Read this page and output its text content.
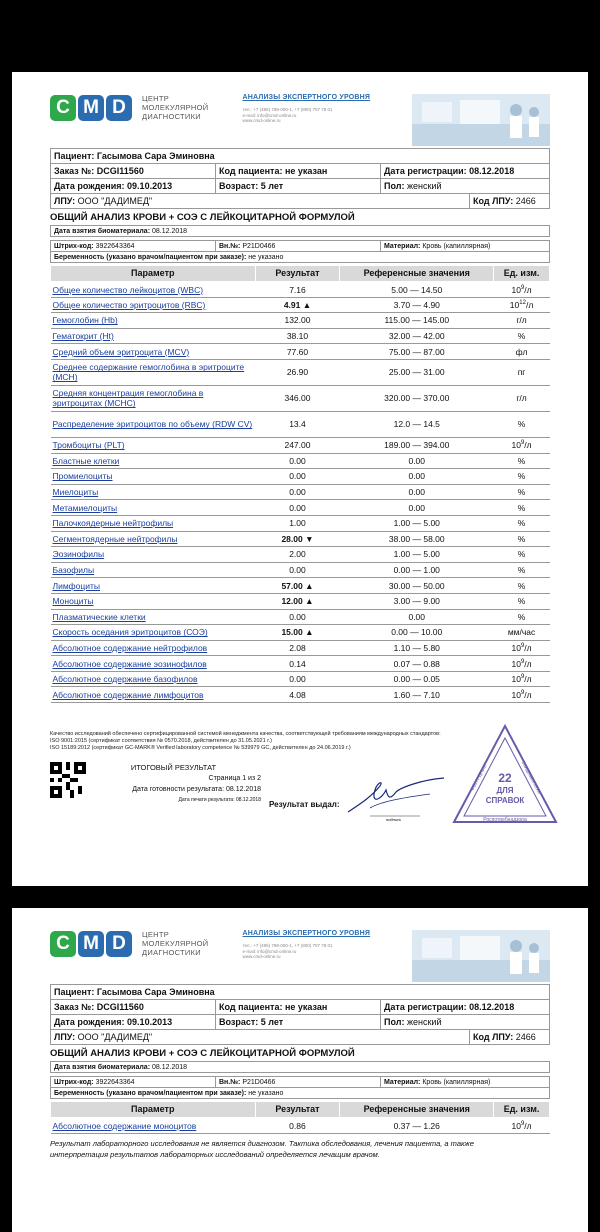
C M D	ЦЕНТР
МОЛЕКУЛЯРНОЙ
ДИАГНОСТИКИ
АНАЛИЗЫ ЭКСПЕРТНОГО УРОВНЯ
тел.: +7 (495) 788-000-1, +7 (800) 707 78 01
e-mail: info@cmd-online.ru
www.cmd-online.ru
Пациент: Гасымова Сара Эминовна			
Заказ №: DCGI11560	Код пациента: не указан	Дата регистрации: 08.12.2018	
Дата рождения: 09.10.2013	Возраст: 5 лет	Пол: женский	
ЛПУ: ООО "ДАДИМЕД"			Код ЛПУ: 2466
ОБЩИЙ АНАЛИЗ КРОВИ + СОЭ С ЛЕЙКОЦИТАРНОЙ ФОРМУЛОЙ
Дата взятия биоматериала: 08.12.2018

Штрих-код: 3922643364	Вн.№: P21D0466	Материал: Кровь (капиллярная)
Беременность (указано врачом/пациентом при заказе): не указано
Параметр	Результат	Референсные значения	Ед. изм.
Общее количество лейкоцитов (WBC)	7.16	5.00 — 14.50	$10^9/л$
Общее количество эритроцитов (RBC)	4.91 ▲	3.70 — 4.90	$10^{12}/л$
Гемоглобин (Hb)	132.00	115.00 — 145.00	г/л
Гематокрит (Ht)	38.10	32.00 — 42.00	%
Средний объем эритроцита (MCV)	77.60	75.00 — 87.00	фл
Среднее содержание гемоглобина в эритроците (MCH)	26.90	25.00 — 31.00	пг
Средняя концентрация гемоглобина в эритроцитах (MCHC)	346.00	320.00 — 370.00	г/л
Распределение эритроцитов по объему (RDW CV)	13.4	12.0 — 14.5	%
Тромбоциты (PLT)	247.00	189.00 — 394.00	$10^9/л$
Бластные клетки	0.00	0.00	%
Промиелоциты	0.00	0.00	%
Миелоциты	0.00	0.00	%
Метамиелоциты	0.00	0.00	%
Палочкоядерные нейтрофилы	1.00	1.00 — 5.00	%
Сегментоядерные нейтрофилы	28.00 ▼	38.00 — 58.00	%
Эозинофилы	2.00	1.00 — 5.00	%
Базофилы	0.00	0.00 — 1.00	%
Лимфоциты	57.00 ▲	30.00 — 50.00	%
Моноциты	12.00 ▲	3.00 — 9.00	%
Плазматические клетки	0.00	0.00	%
Скорость оседания эритроцитов (СОЭ)	15.00 ▲	0.00 — 10.00	мм/час
Абсолютное содержание нейтрофилов	2.08	1.10 — 5.80	$10^9/л$
Абсолютное содержание эозинофилов	0.14	0.07 — 0.88	$10^9/л$
Абсолютное содержание базофилов	0.00	0.00 — 0.05	$10^9/л$
Абсолютное содержание лимфоцитов	4.08	1.60 — 7.10	$10^9/л$
Качество исследований обеспечено сертифицированной системой менеджмента качества, соответствующей требованиям международных стандартов:
ISO 9001:2015 (сертификат соответствия № 0570.2018, действителен до 31.05.2021 г.)
ISO 15189:2012 (сертификат GC-MARK® Verified laboratory competence № 539979 GC, действителен до 24.06.2019 г.)
ИТОГОВЫЙ РЕЗУЛЬТАТ
Страница 1 из 2
Дата готовности результата: 08.12.2018
Дата печати результата: 08.12.2018 Результат выдал:
подпись
22
ДЛЯ
СПРАВОК
Роспотребнадзора
ФБУН ЦНИИ	Эпидемиологии
C M D	ЦЕНТР
МОЛЕКУЛЯРНОЙ
ДИАГНОСТИКИ
АНАЛИЗЫ ЭКСПЕРТНОГО УРОВНЯ
тел.: +7 (495) 788-000-1, +7 (800) 707 78 01
e-mail: info@cmd-online.ru
www.cmd-online.ru
Пациент: Гасымова Сара Эминовна			
Заказ №: DCGI11560	Код пациента: не указан	Дата регистрации: 08.12.2018	
Дата рождения: 09.10.2013	Возраст: 5 лет	Пол: женский	
ЛПУ: ООО "ДАДИМЕД"			Код ЛПУ: 2466
ОБЩИЙ АНАЛИЗ КРОВИ + СОЭ С ЛЕЙКОЦИТАРНОЙ ФОРМУЛОЙ
Дата взятия биоматериала: 08.12.2018

Штрих-код: 3922643364	Вн.№: P21D0466	Материал: Кровь (капиллярная)
Беременность (указано врачом/пациентом при заказе): не указано
Параметр	Результат	Референсные значения	Ед. изм.
Абсолютное содержание моноцитов	0.86	0.37 — 1.26	$10^9/л$
Результат лабораторного исследования не является диагнозом. Тактика обследования, лечения пациента, а также
интерпретация результатов лабораторных исследований определяется лечащим врачом.
